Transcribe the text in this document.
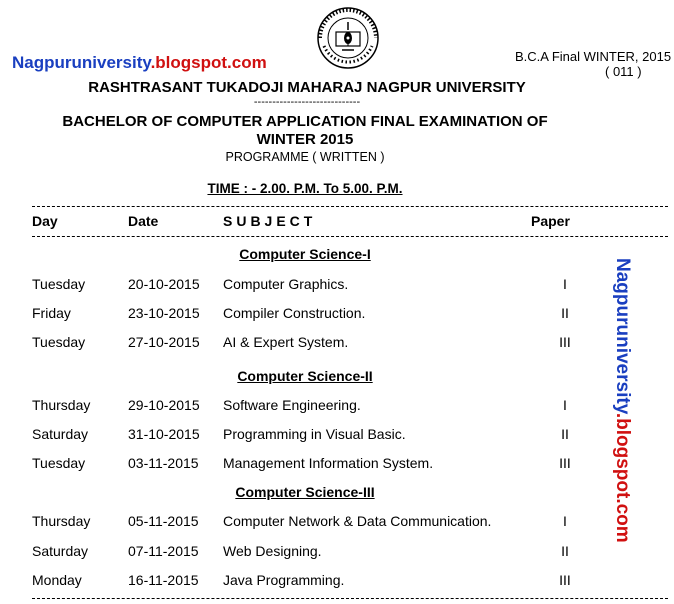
Nagpuruniversity.blogspot.com	B.C.A Final WINTER, 2015
( 011 )
RASHTRASANT TUKADOJI MAHARAJ NAGPUR UNIVERSITY
-----------------------------
BACHELOR OF COMPUTER APPLICATION FINAL EXAMINATION OF
WINTER 2015
PROGRAMME ( WRITTEN )
TIME : - 2.00. P.M. To 5.00. P.M.
Day	Date	SUBJECT	Paper
Computer Science-I
Tuesday	20-10-2015 Computer Graphics.	I
Friday	23-10-2015 Compiler Construction.	II
Tuesday	27-10-2015 AI & Expert System.	III
Computer Science-II
Thursday	29-10-2015 Software Engineering.	I
Saturday	31-10-2015 Programming in Visual Basic.	II
Tuesday	03-11-2015 Management Information System.	III
Computer Science-III
Thursday	05-11-2015 Computer Network & Data Communication.	I
Saturday	07-11-2015 Web Designing.	II
Monday	16-11-2015 Java Programming.	III
Nagpuruniversity.blogspot.com
